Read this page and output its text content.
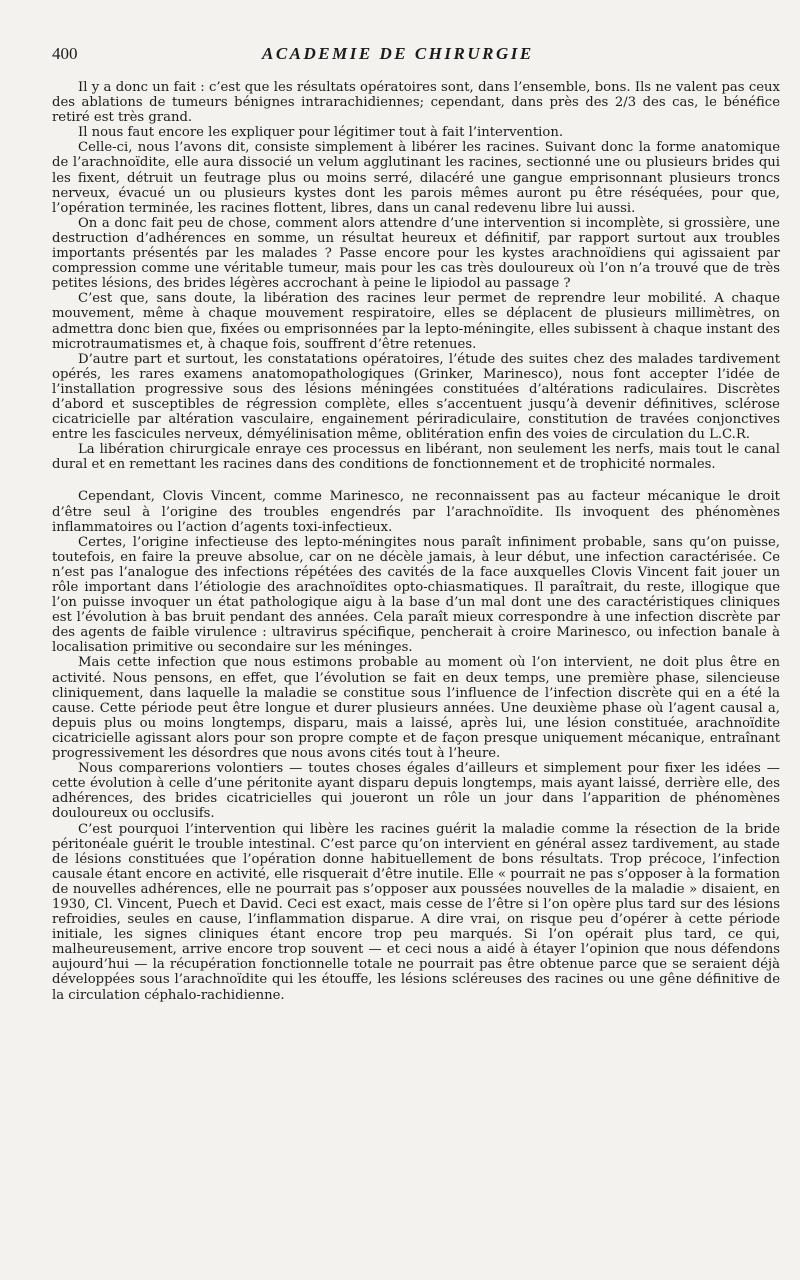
400	ACADEMIE DE CHIRURGIE

Il y a donc un fait : c’est que les résultats opératoires sont, dans l’ensemble, bons. Ils ne valent pas ceux des ablations de tumeurs bénignes intrarachidiennes; cependant, dans près des 2/3 des cas, le bénéfice retiré est très grand.

Il nous faut encore les expliquer pour légitimer tout à fait l’intervention.

Celle-ci, nous l’avons dit, consiste simplement à libérer les racines. Suivant donc la forme anatomique de l’arachnoïdite, elle aura dissocié un velum agglutinant les racines, sectionné une ou plusieurs brides qui les fixent, détruit un feutrage plus ou moins serré, dilacéré une gangue emprisonnant plusieurs troncs nerveux, évacué un ou plusieurs kystes dont les parois mêmes auront pu être réséquées, pour que, l’opération terminée, les racines flottent, libres, dans un canal redevenu libre lui aussi.

On a donc fait peu de chose, comment alors attendre d’une intervention si incomplète, si grossière, une destruction d’adhérences en somme, un résultat heureux et définitif, par rapport surtout aux troubles importants présentés par les malades ? Passe encore pour les kystes arachnoïdiens qui agissaient par compression comme une véritable tumeur, mais pour les cas très douloureux où l’on n’a trouvé que de très petites lésions, des brides légères accrochant à peine le lipiodol au passage ?

C’est que, sans doute, la libération des racines leur permet de reprendre leur mobilité. A chaque mouvement, même à chaque mouvement respiratoire, elles se déplacent de plusieurs millimètres, on admettra donc bien que, fixées ou emprisonnées par la lepto-méningite, elles subissent à chaque instant des microtraumatismes et, à chaque fois, souffrent d’être retenues.

D’autre part et surtout, les constatations opératoires, l’étude des suites chez des malades tardivement opérés, les rares examens anatomopathologiques (Grinker, Marinesco), nous font accepter l’idée de l’installation progressive sous des lésions méningées constituées d’altérations radiculaires. Discrètes d’abord et susceptibles de régression complète, elles s’accentuent jusqu’à devenir définitives, sclérose cicatricielle par altération vasculaire, engainement périradiculaire, constitution de travées conjonctives entre les fascicules nerveux, démyélinisation même, oblitération enfin des voies de circulation du L.C.R.

La libération chirurgicale enraye ces processus en libérant, non seulement les nerfs, mais tout le canal dural et en remettant les racines dans des conditions de fonctionnement et de trophicité normales.

Cependant, Clovis Vincent, comme Marinesco, ne reconnaissent pas au facteur mécanique le droit d’être seul à l’origine des troubles engendrés par l’arachnoïdite. Ils invoquent des phénomènes inflammatoires ou l’action d’agents toxi-infectieux.

Certes, l’origine infectieuse des lepto-méningites nous paraît infiniment probable, sans qu’on puisse, toutefois, en faire la preuve absolue, car on ne décèle jamais, à leur début, une infection caractérisée. Ce n’est pas l’analogue des infections répétées des cavités de la face auxquelles Clovis Vincent fait jouer un rôle important dans l’étiologie des arachnoïdites opto-chiasmatiques. Il paraîtrait, du reste, illogique que l’on puisse invoquer un état pathologique aigu à la base d’un mal dont une des caractéristiques cliniques est l’évolution à bas bruit pendant des années. Cela paraît mieux correspondre à une infection discrète par des agents de faible virulence : ultravirus spécifique, pencherait à croire Marinesco, ou infection banale à localisation primitive ou secondaire sur les méninges.

Mais cette infection que nous estimons probable au moment où l’on intervient, ne doit plus être en activité. Nous pensons, en effet, que l’évolution se fait en deux temps, une première phase, silencieuse cliniquement, dans laquelle la maladie se constitue sous l’influence de l’infection discrète qui en a été la cause. Cette période peut être longue et durer plusieurs années. Une deuxième phase où l’agent causal a, depuis plus ou moins longtemps, disparu, mais a laissé, après lui, une lésion constituée, arachnoïdite cicatricielle agissant alors pour son propre compte et de façon presque uniquement mécanique, entraînant progressivement les désordres que nous avons cités tout à l’heure.

Nous comparerions volontiers — toutes choses égales d’ailleurs et simplement pour fixer les idées — cette évolution à celle d’une péritonite ayant disparu depuis longtemps, mais ayant laissé, derrière elle, des adhérences, des brides cicatricielles qui joueront un rôle un jour dans l’apparition de phénomènes douloureux ou occlusifs.

C’est pourquoi l’intervention qui libère les racines guérit la maladie comme la résection de la bride péritonéale guérit le trouble intestinal. C’est parce qu’on intervient en général assez tardivement, au stade de lésions constituées que l’opération donne habituellement de bons résultats. Trop précoce, l’infection causale étant encore en activité, elle risquerait d’être inutile. Elle « pourrait ne pas s’opposer à la formation de nouvelles adhérences, elle ne pourrait pas s’opposer aux poussées nouvelles de la maladie » disaient, en 1930, Cl. Vincent, Puech et David. Ceci est exact, mais cesse de l’être si l’on opère plus tard sur des lésions refroidies, seules en cause, l’inflammation disparue. A dire vrai, on risque peu d’opérer à cette période initiale, les signes cliniques étant encore trop peu marqués. Si l’on opérait plus tard, ce qui, malheureusement, arrive encore trop souvent — et ceci nous a aidé à étayer l’opinion que nous défendons aujourd’hui — la récupération fonctionnelle totale ne pourrait pas être obtenue parce que se seraient déjà développées sous l’arachnoïdite qui les étouffe, les lésions scléreuses des racines ou une gêne définitive de la circulation céphalo-rachidienne.
